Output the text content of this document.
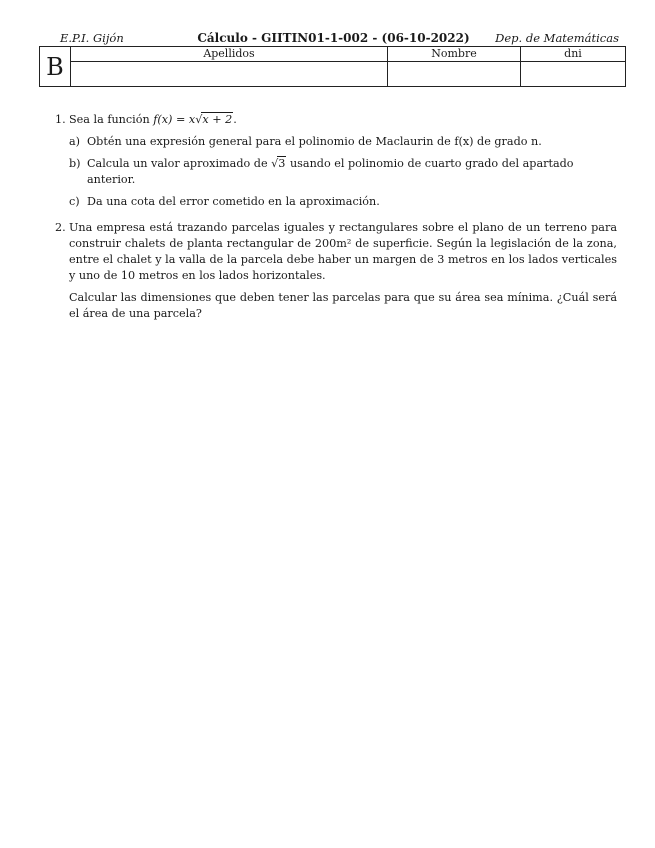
E.P.I. Gijón	Cálculo - GIITIN01-1-002 - (06-10-2022)	Dep. de Matemáticas
B	Apellidos	Nombre	dni

1. Sea la función f(x) = x√x + 2.
a) Obtén una expresión general para el polinomio de Maclaurin de f(x) de grado n.
b) Calcula un valor aproximado de √3 usando el polinomio de cuarto grado del apartado anterior.
c) Da una cota del error cometido en la aproximación.
2. Una empresa está trazando parcelas iguales y rectangulares sobre el plano de un terreno para construir chalets de planta rectangular de 200m² de superficie. Según la legislación de la zona, entre el chalet y la valla de la parcela debe haber un margen de 3 metros en los lados verticales y uno de 10 metros en los lados horizontales.

Calcular las dimensiones que deben tener las parcelas para que su área sea mínima. ¿Cuál será el área de una parcela?
